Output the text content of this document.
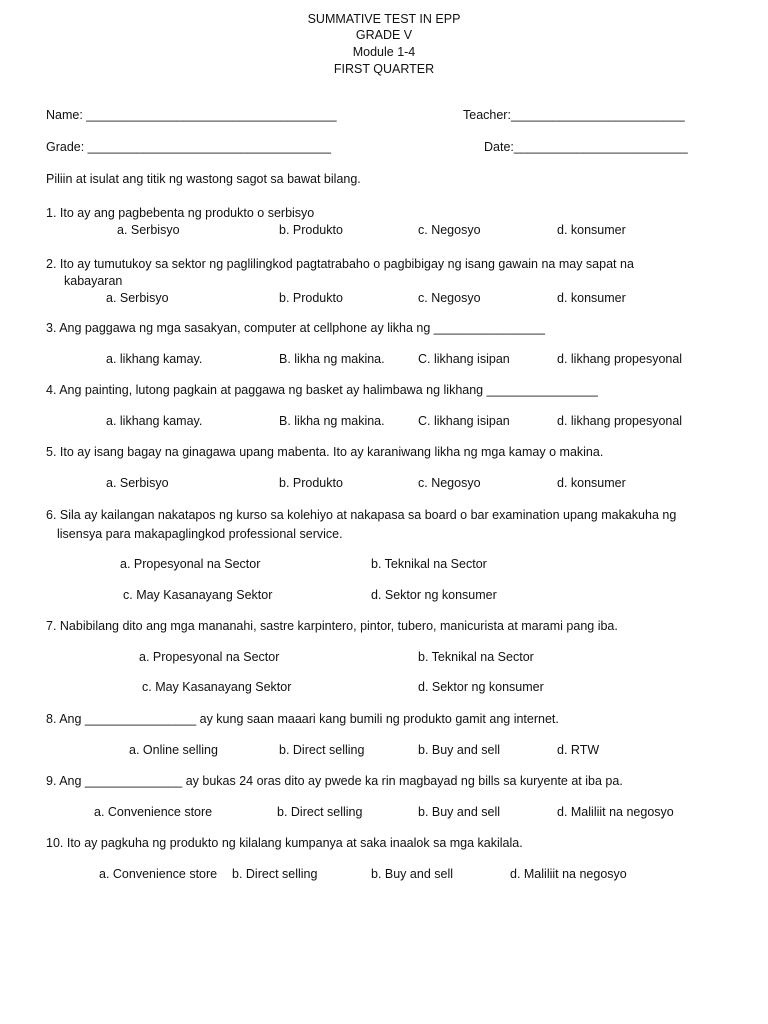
SUMMATIVE TEST IN EPP
GRADE V
Module 1-4
FIRST QUARTER
Name: ____________________________________	Teacher:_________________________
Grade: ___________________________________	Date:_________________________
Piliin at isulat ang titik ng wastong sagot sa bawat bilang.
1. Ito ay ang pagbebenta ng produkto o serbisyo
a. Serbisyo	b. Produkto	c. Negosyo	d. konsumer
2. Ito ay tumutukoy sa sektor ng paglilingkod pagtatrabaho o pagbibigay ng isang gawain na may sapat na
kabayaran
a. Serbisyo	b. Produkto	c. Negosyo	d. konsumer
3. Ang paggawa ng mga sasakyan, computer at cellphone ay likha ng ________________
a. likhang kamay.	B. likha ng makina.	C. likhang isipan	d. likhang propesyonal
4. Ang painting, lutong pagkain at paggawa ng basket ay halimbawa ng likhang ________________
a. likhang kamay.	B. likha ng makina.	C. likhang isipan	d. likhang propesyonal
5. Ito ay isang bagay na ginagawa upang mabenta. Ito ay karaniwang likha ng mga kamay o makina.
a. Serbisyo	b. Produkto	c. Negosyo	d. konsumer
6. Sila ay kailangan nakatapos ng kurso sa kolehiyo at nakapasa sa board o bar examination upang makakuha ng
lisensya para makapaglingkod professional service.
a. Propesyonal na Sector	b. Teknikal na Sector
c. May Kasanayang Sektor	d. Sektor ng konsumer
7. Nabibilang dito ang mga mananahi, sastre karpintero, pintor, tubero, manicurista at marami pang iba.
a. Propesyonal na Sector	b. Teknikal na Sector
c. May Kasanayang Sektor	d. Sektor ng konsumer
8. Ang ________________ ay kung saan maaari kang bumili ng produkto gamit ang internet.
a. Online selling	b. Direct selling	b. Buy and sell	d. RTW
9. Ang ______________ ay bukas 24 oras dito ay pwede ka rin magbayad ng bills sa kuryente at iba pa.
a. Convenience store	b. Direct selling	b. Buy and sell	d. Maliliit na negosyo
10. Ito ay pagkuha ng produkto ng kilalang kumpanya at saka inaalok sa mga kakilala.
a. Convenience store b. Direct selling	b. Buy and sell	d. Maliliit na negosyo
